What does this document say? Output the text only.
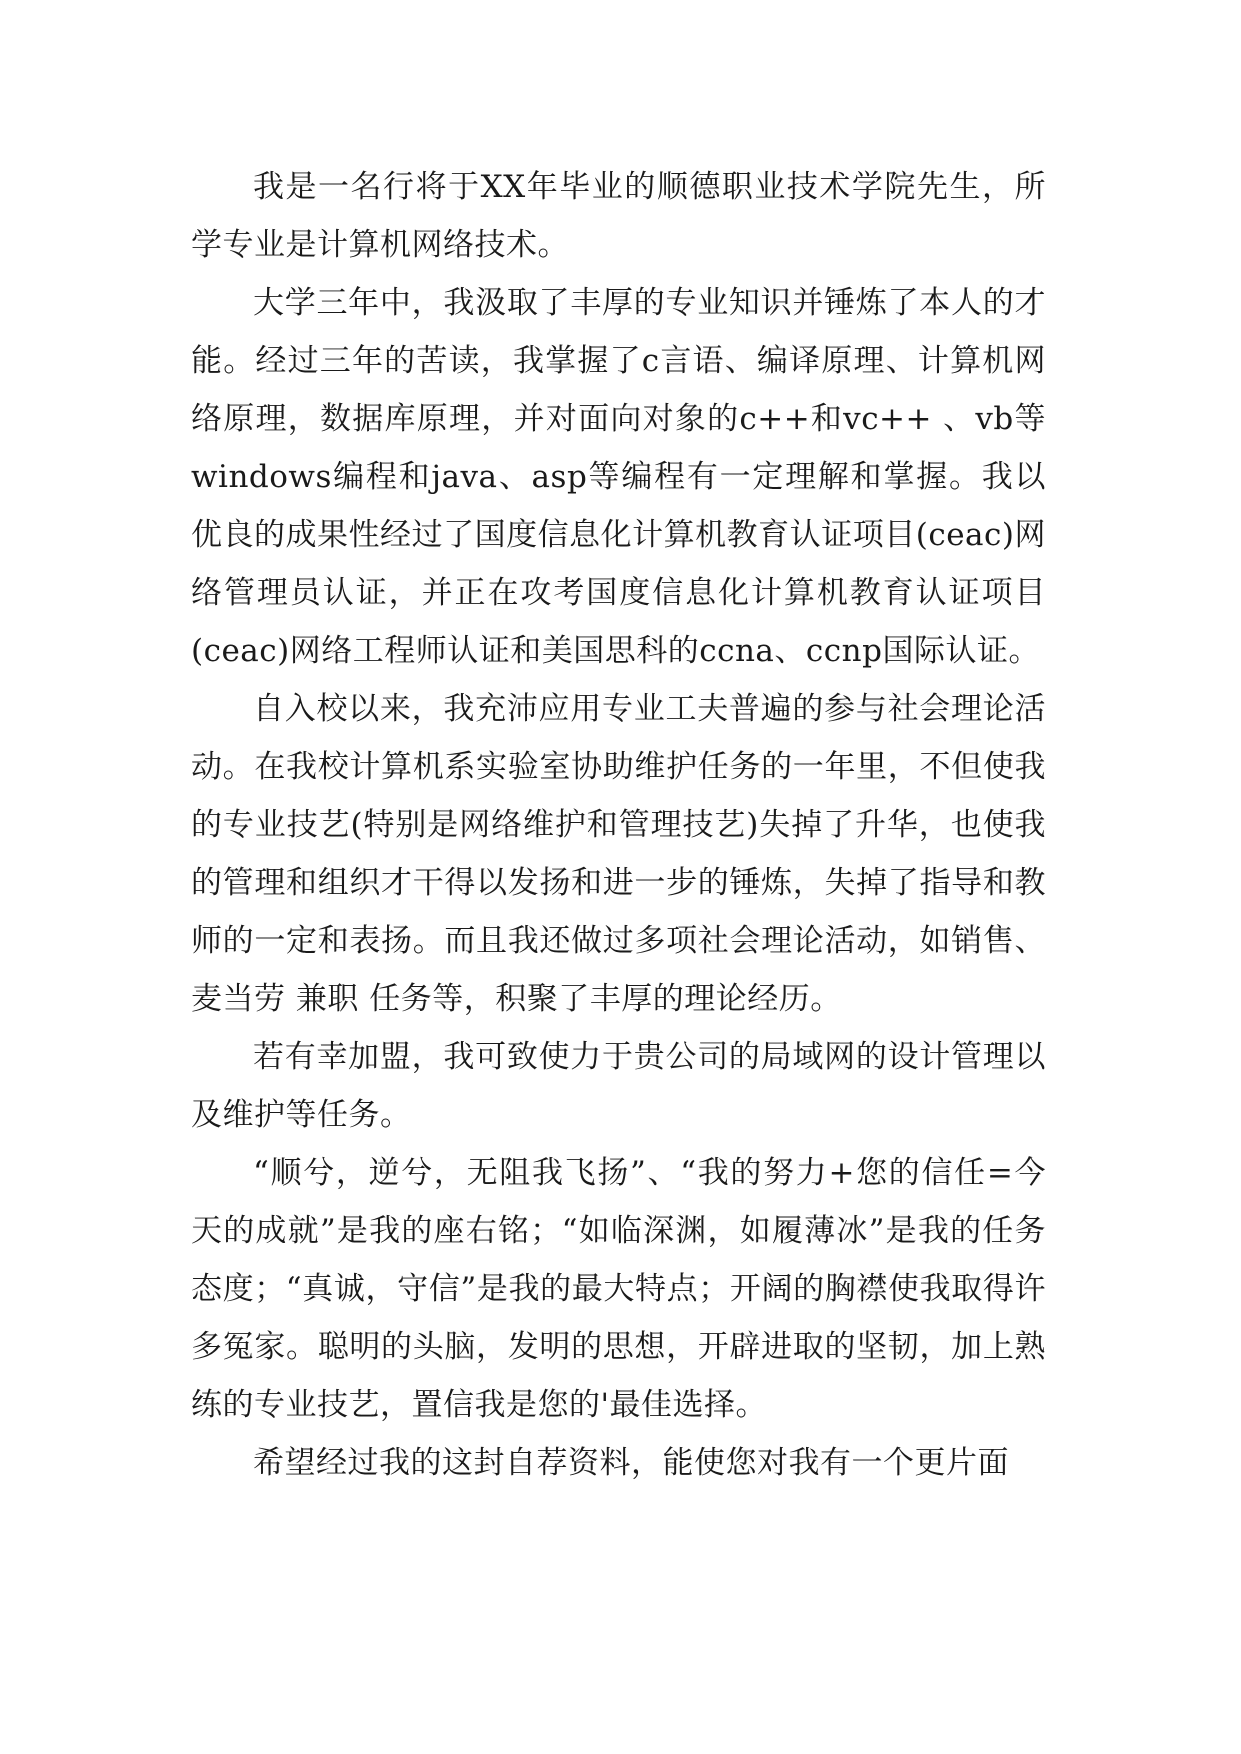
我是一名行将于XX年毕业的顺德职业技术学院先生，所学专业是计算机网络技术。

大学三年中，我汲取了丰厚的专业知识并锤炼了本人的才能。经过三年的苦读，我掌握了c言语、编译原理、计算机网络原理，数据库原理，并对面向对象的c++和vc++ 、vb等windows编程和java、asp等编程有一定理解和掌握。我以优良的成果性经过了国度信息化计算机教育认证项目(ceac)网络管理员认证，并正在攻考国度信息化计算机教育认证项目(ceac)网络工程师认证和美国思科的ccna、ccnp国际认证。

自入校以来，我充沛应用专业工夫普遍的参与社会理论活动。在我校计算机系实验室协助维护任务的一年里，不但使我的专业技艺(特别是网络维护和管理技艺)失掉了升华，也使我的管理和组织才干得以发扬和进一步的锤炼，失掉了指导和教师的一定和表扬。而且我还做过多项社会理论活动，如销售、麦当劳 兼职 任务等，积聚了丰厚的理论经历。

若有幸加盟，我可致使力于贵公司的局域网的设计管理以及维护等任务。

“顺兮，逆兮，无阻我飞扬”、“我的努力+您的信任=今天的成就”是我的座右铭；“如临深渊，如履薄冰”是我的任务态度；“真诚，守信”是我的最大特点；开阔的胸襟使我取得许多冤家。聪明的头脑，发明的思想，开辟进取的坚韧，加上熟练的专业技艺，置信我是您的'最佳选择。

希望经过我的这封自荐资料，能使您对我有一个更片面
